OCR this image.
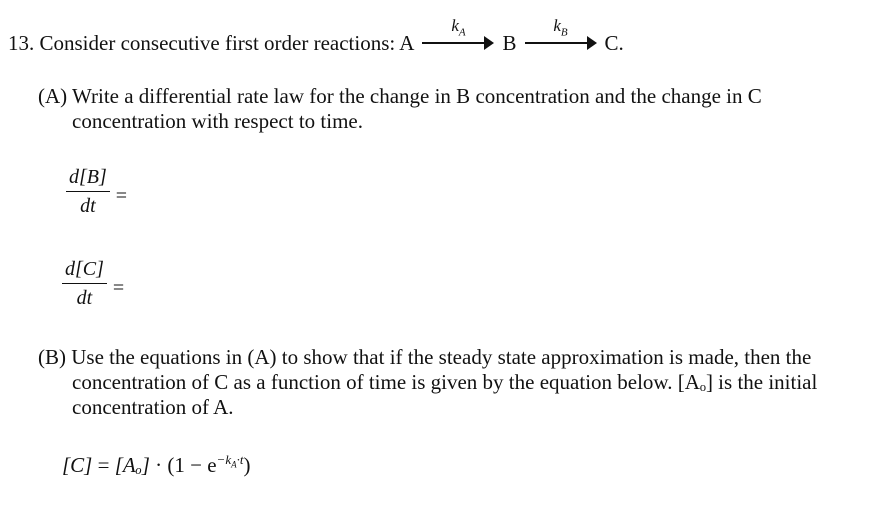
13. Consider consecutive first order reactions: A
$k_A$	B
$k_B$	C.
(A) Write a differential rate law for the change in B concentration and the change in C
concentration with respect to time.
$\frac{d[B]}{dt}$ =
$\frac{d[C]}{dt}$ =
(B) Use the equations in (A) to show that if the steady state approximation is made, then the
concentration of C as a function of time is given by the equation below. [Aₒ] is the initial
concentration of A.
$[C] = [A_o] \cdot (1 - e^{-k_A\cdot t})$
